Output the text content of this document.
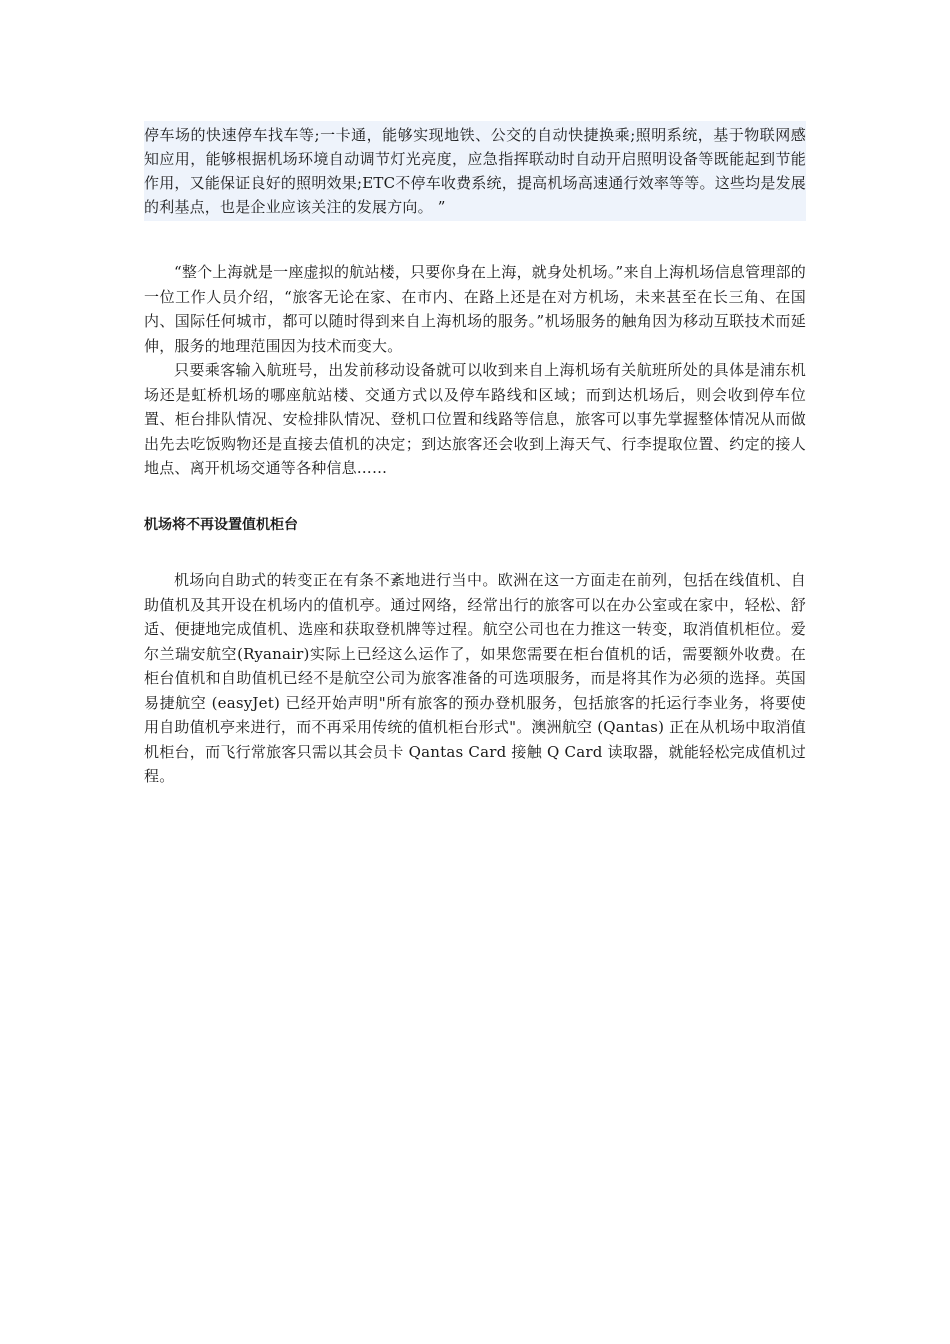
停车场的快速停车找车等;一卡通，能够实现地铁、公交的自动快捷换乘;照明系统，基于物联网感知应用，能够根据机场环境自动调节灯光亮度，应急指挥联动时自动开启照明设备等既能起到节能作用，又能保证良好的照明效果;ETC不停车收费系统，提高机场高速通行效率等等。这些均是发展的利基点，也是企业应该关注的发展方向。 ”

“整个上海就是一座虚拟的航站楼，只要你身在上海，就身处机场。”来自上海机场信息管理部的一位工作人员介绍，“旅客无论在家、在市内、在路上还是在对方机场，未来甚至在长三角、在国内、国际任何城市，都可以随时得到来自上海机场的服务。”机场服务的触角因为移动互联技术而延伸，服务的地理范围因为技术而变大。

只要乘客输入航班号，出发前移动设备就可以收到来自上海机场有关航班所处的具体是浦东机场还是虹桥机场的哪座航站楼、交通方式以及停车路线和区域；而到达机场后，则会收到停车位置、柜台排队情况、安检排队情况、登机口位置和线路等信息，旅客可以事先掌握整体情况从而做出先去吃饭购物还是直接去值机的决定；到达旅客还会收到上海天气、行李提取位置、约定的接人地点、离开机场交通等各种信息……

机场将不再设置值机柜台

机场向自助式的转变正在有条不紊地进行当中。欧洲在这一方面走在前列，包括在线值机、自助值机及其开设在机场内的值机亭。通过网络，经常出行的旅客可以在办公室或在家中，轻松、舒适、便捷地完成值机、选座和获取登机牌等过程。航空公司也在力推这一转变，取消值机柜位。爱尔兰瑞安航空(Ryanair)实际上已经这么运作了，如果您需要在柜台值机的话，需要额外收费。在柜台值机和自助值机已经不是航空公司为旅客准备的可选项服务，而是将其作为必须的选择。英国易捷航空 (easyJet) 已经开始声明"所有旅客的预办登机服务，包括旅客的托运行李业务，将要使用自助值机亭来进行，而不再采用传统的值机柜台形式"。澳洲航空 (Qantas) 正在从机场中取消值机柜台，而飞行常旅客只需以其会员卡 Qantas Card 接触 Q Card 读取器，就能轻松完成值机过程。
